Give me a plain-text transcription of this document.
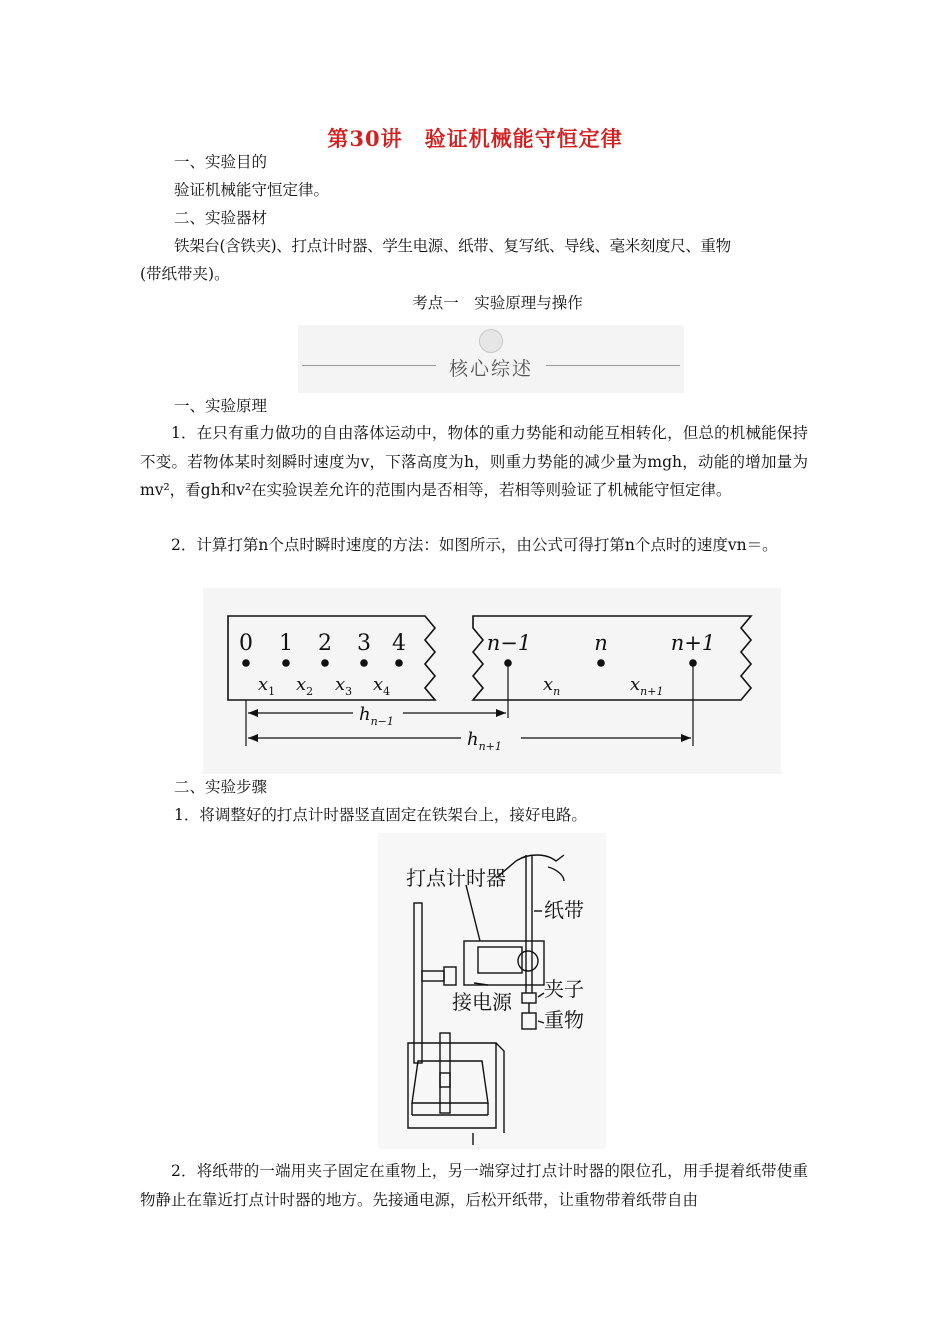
第30讲　验证机械能守恒定律
一、实验目的
验证机械能守恒定律。
二、实验器材
铁架台(含铁夹)、打点计时器、学生电源、纸带、复写纸、导线、毫米刻度尺、重物
(带纸带夹)。
考点一　实验原理与操作
核心综述
一、实验原理
1．在只有重力做功的自由落体运动中，物体的重力势能和动能互相转化，但总的机械能保持不变。若物体某时刻瞬时速度为v，下落高度为h，则重力势能的减少量为mgh，动能的增加量为mv²，看gh和v²在实验误差允许的范围内是否相等，若相等则验证了机械能守恒定律。
2．计算打第n个点时瞬时速度的方法：如图所示，由公式可得打第n个点时的速度vn＝。
0 1 2 3 4	n−1	n	n+1
$x_1$ $x_2$ $x_3$ $x_4$	$x_n$	$x_{n+1}$
$h_{n-1}$
$h_{n+1}$
二、实验步骤
1．将调整好的打点计时器竖直固定在铁架台上，接好电路。
打点计时器
纸带
夹子
接电源
重物
2．将纸带的一端用夹子固定在重物上，另一端穿过打点计时器的限位孔，用手提着纸带使重物静止在靠近打点计时器的地方。先接通电源，后松开纸带，让重物带着纸带自由
